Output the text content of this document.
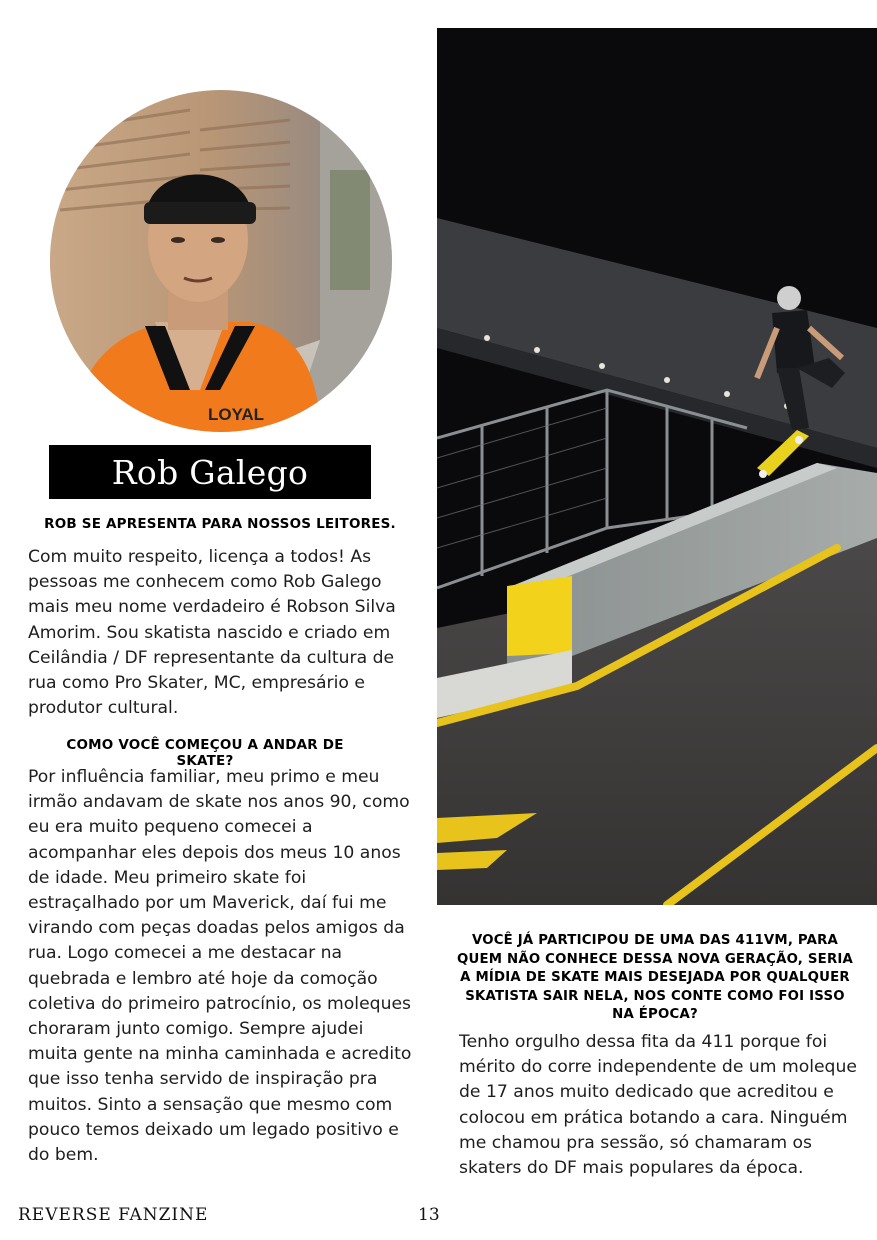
LOYAL
Rob Galego
ROB SE APRESENTA PARA NOSSOS LEITORES.

Com muito respeito, licença a todos! As pessoas me conhecem como Rob Galego mais meu nome verdadeiro é Robson Silva Amorim. Sou skatista nascido e criado em Ceilândia / DF representante da cultura de rua como Pro Skater, MC, empresário e produtor cultural.

COMO VOCÊ COMEÇOU A ANDAR DE SKATE?

Por influência familiar, meu primo e meu irmão andavam de skate nos anos 90, como eu era muito pequeno comecei a acompanhar eles depois dos meus 10 anos de idade. Meu primeiro skate foi estraçalhado por um Maverick, daí fui me virando com peças doadas pelos amigos da rua. Logo comecei a me destacar na quebrada e lembro até hoje da comoção coletiva do primeiro patrocínio, os moleques choraram junto comigo. Sempre ajudei muita gente na minha caminhada e acredito que isso tenha servido de inspiração pra muitos. Sinto a sensação que mesmo com pouco temos deixado um legado positivo e do bem.

VOCÊ JÁ PARTICIPOU DE UMA DAS 411VM, PARA QUEM NÃO CONHECE DESSA NOVA GERAÇÃO, SERIA A MÍDIA DE SKATE MAIS DESEJADA POR QUALQUER SKATISTA SAIR NELA, NOS CONTE COMO FOI ISSO NA ÉPOCA?

Tenho orgulho dessa fita da 411 porque foi mérito do corre independente de um moleque de 17 anos muito dedicado que acreditou e colocou em prática botando a cara. Ninguém me chamou pra sessão, só chamaram os skaters do DF mais populares da época.

REVERSE FANZINE	13
